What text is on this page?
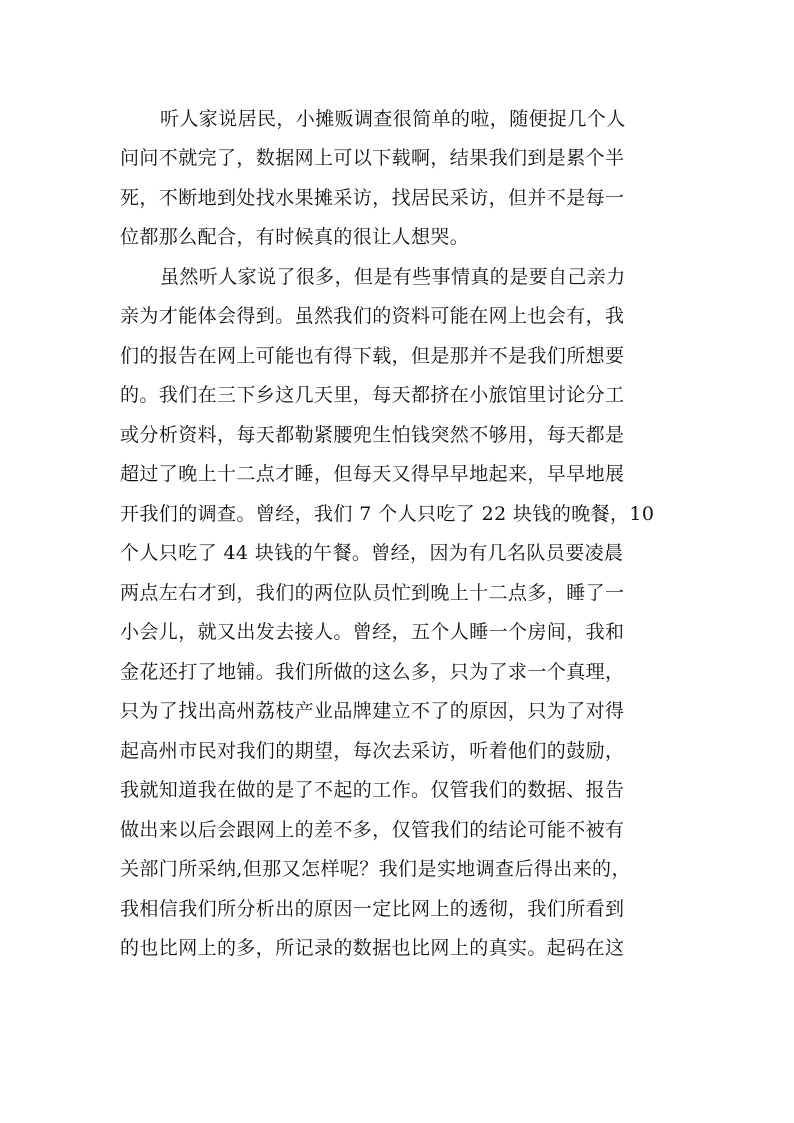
听人家说居民，小摊贩调查很简单的啦，随便捉几个人
问问不就完了，数据网上可以下载啊，结果我们到是累个半
死，不断地到处找水果摊采访，找居民采访，但并不是每一
位都那么配合，有时候真的很让人想哭。
虽然听人家说了很多，但是有些事情真的是要自己亲力
亲为才能体会得到。虽然我们的资料可能在网上也会有，我
们的报告在网上可能也有得下载，但是那并不是我们所想要
的。我们在三下乡这几天里，每天都挤在小旅馆里讨论分工
或分析资料，每天都勒紧腰兜生怕钱突然不够用，每天都是
超过了晚上十二点才睡，但每天又得早早地起来，早早地展
开我们的调查。曾经，我们 7 个人只吃了 22 块钱的晚餐，10
个人只吃了 44 块钱的午餐。曾经，因为有几名队员要凌晨
两点左右才到，我们的两位队员忙到晚上十二点多，睡了一
小会儿，就又出发去接人。曾经，五个人睡一个房间，我和
金花还打了地铺。我们所做的这么多，只为了求一个真理，
只为了找出高州荔枝产业品牌建立不了的原因，只为了对得
起高州市民对我们的期望，每次去采访，听着他们的鼓励，
我就知道我在做的是了不起的工作。仅管我们的数据、报告
做出来以后会跟网上的差不多，仅管我们的结论可能不被有
关部门所采纳,但那又怎样呢？我们是实地调查后得出来的，
我相信我们所分析出的原因一定比网上的透彻，我们所看到
的也比网上的多，所记录的数据也比网上的真实。起码在这
